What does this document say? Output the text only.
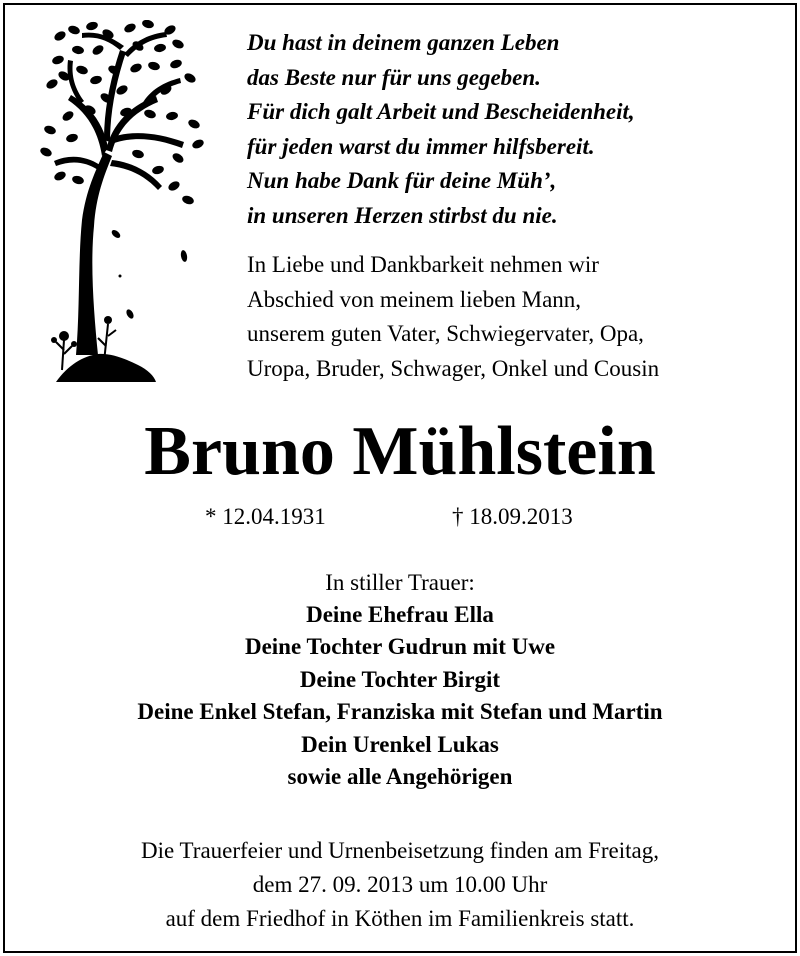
Du hast in deinem ganzen Leben
das Beste nur für uns gegeben.
Für dich galt Arbeit und Bescheidenheit,
für jeden warst du immer hilfsbereit.
Nun habe Dank für deine Müh’,
in unseren Herzen stirbst du nie.
In Liebe und Dankbarkeit nehmen wir
Abschied von meinem lieben Mann,
unserem guten Vater, Schwiegervater, Opa,
Uropa, Bruder, Schwager, Onkel und Cousin
Bruno Mühlstein
* 12.04.1931	† 18.09.2013
In stiller Trauer:
Deine Ehefrau Ella
Deine Tochter Gudrun mit Uwe
Deine Tochter Birgit
Deine Enkel Stefan, Franziska mit Stefan und Martin
Dein Urenkel Lukas
sowie alle Angehörigen
Die Trauerfeier und Urnenbeisetzung finden am Freitag,
dem 27. 09. 2013 um 10.00 Uhr
auf dem Friedhof in Köthen im Familienkreis statt.
